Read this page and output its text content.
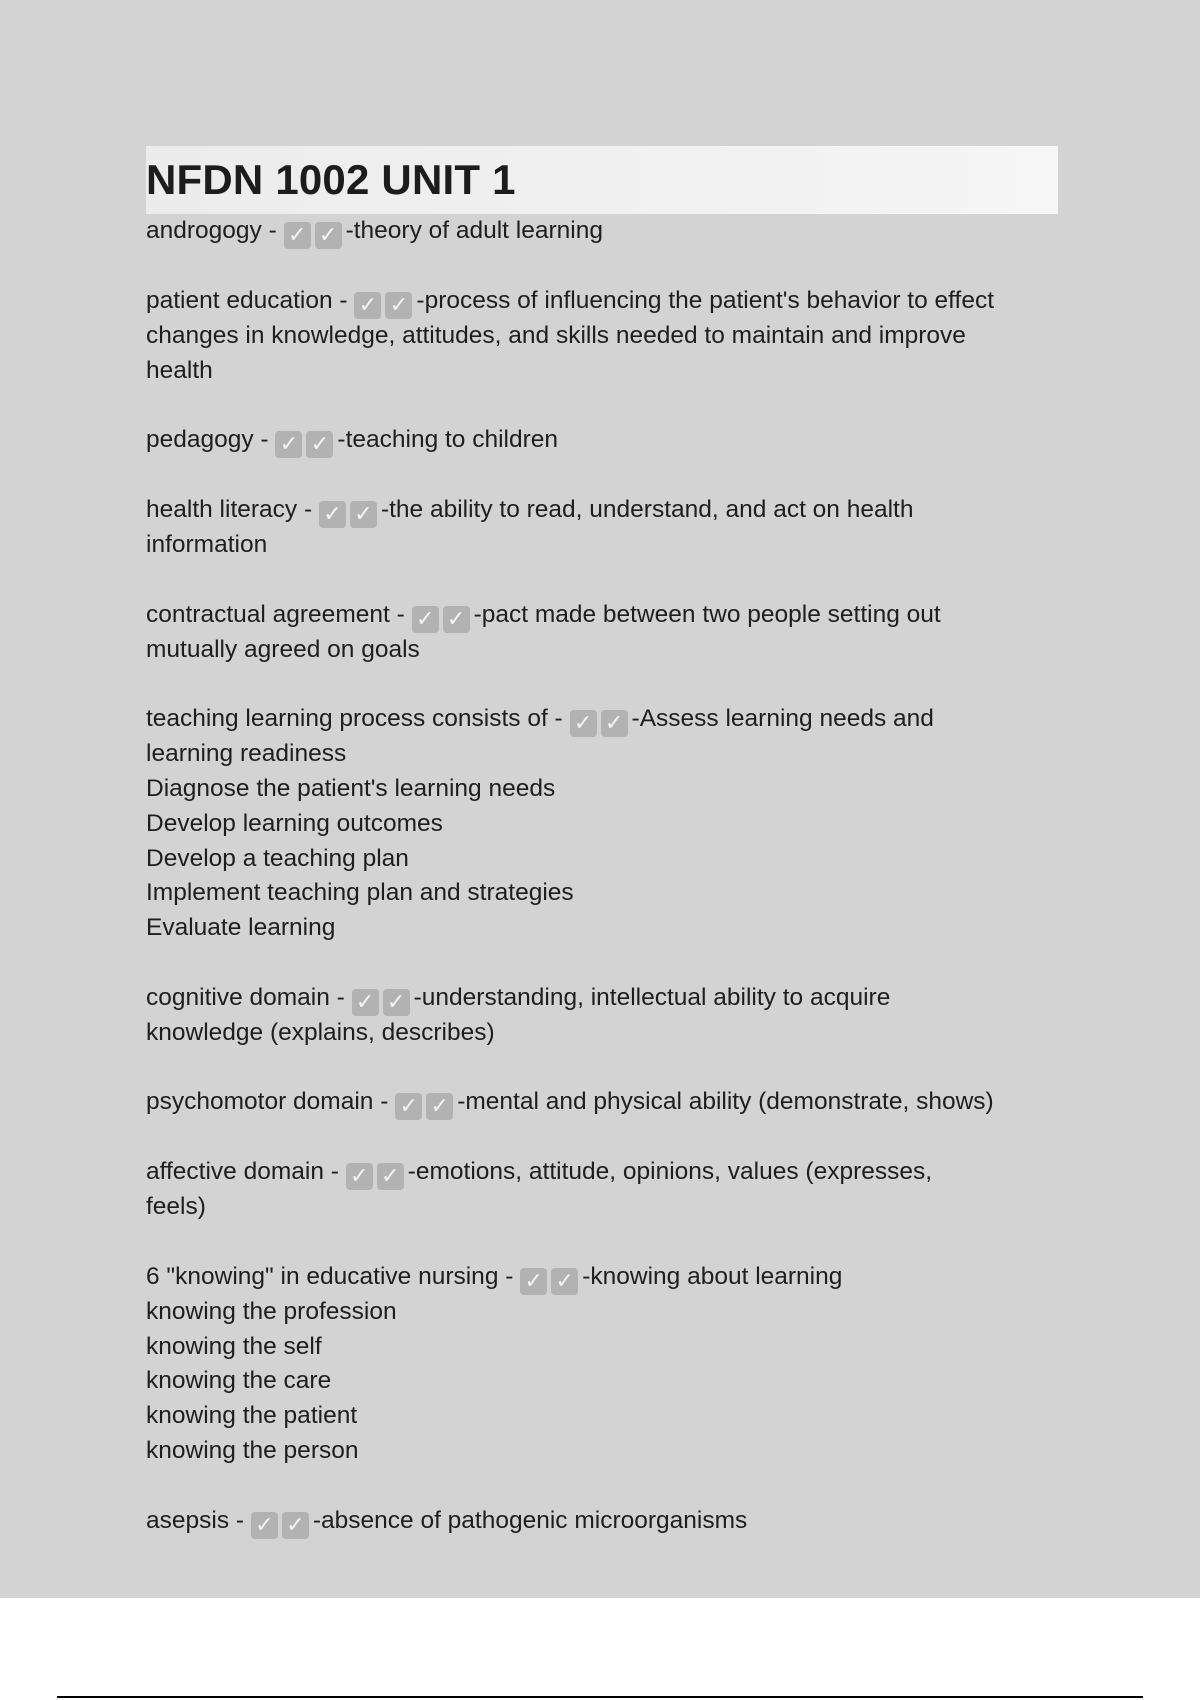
NFDN 1002 UNIT 1
androgogy - ✓ ✓ -theory of adult learning
patient education - ✓ ✓ -process of influencing the patient's behavior to effect
changes in knowledge, attitudes, and skills needed to maintain and improve
health
pedagogy - ✓ ✓ -teaching to children
health literacy - ✓ ✓ -the ability to read, understand, and act on health
information
contractual agreement - ✓ ✓ -pact made between two people setting out
mutually agreed on goals
teaching learning process consists of - ✓ ✓ -Assess learning needs and
learning readiness
Diagnose the patient's learning needs
Develop learning outcomes
Develop a teaching plan
Implement teaching plan and strategies
Evaluate learning
cognitive domain - ✓ ✓ -understanding, intellectual ability to acquire
knowledge (explains, describes)
psychomotor domain - ✓ ✓ -mental and physical ability (demonstrate, shows)
affective domain - ✓ ✓ -emotions, attitude, opinions, values (expresses,
feels)
6 "knowing" in educative nursing - ✓ ✓ -knowing about learning
knowing the profession
knowing the self
knowing the care
knowing the patient
knowing the person
asepsis - ✓ ✓ -absence of pathogenic microorganisms
